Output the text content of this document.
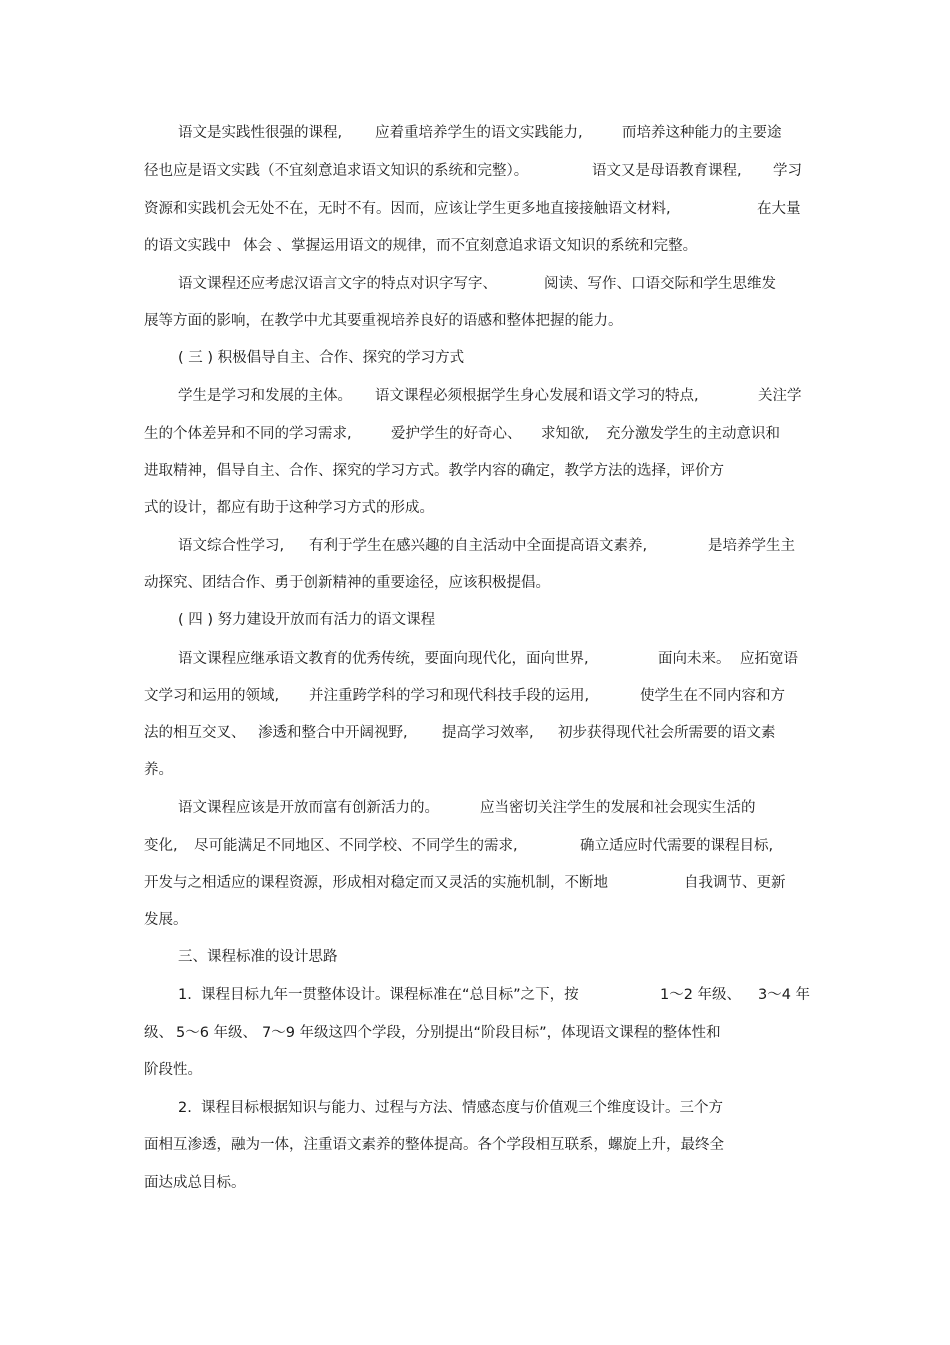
语文是实践性很强的课程,

应着重培养学生的语文实践能力,

	而培养这种能力的主要途

径也应是语文实践（不宜刻意追求语文知识的系统和完整）。

	语文又是母语教育课程,

学习

资源和实践机会无处不在，无时不有。因而，应该让学生更多地直接接触语文材料,

	在大量

的语文实践中

体会 、掌握运用语文的规律，而不宜刻意追求语文知识的系统和完整。

语文课程还应考虑汉语言文字的特点对识字写字、

	阅读、写作、口语交际和学生思维发

展等方面的影响，在教学中尤其要重视培养良好的语感和整体把握的能力。

( 三 ) 积极倡导自主、合作、探究的学习方式

学生是学习和发展的主体。

语文课程必须根据学生身心发展和语文学习的特点,

	关注学

生的个体差异和不同的学习需求,

	爱护学生的好奇心、

求知欲,

充分激发学生的主动意识和

进取精神，倡导自主、合作、探究的学习方式。教学内容的确定，教学方法的选择，评价方

式的设计，都应有助于这种学习方式的形成。

语文综合性学习,

有利于学生在感兴趣的自主活动中全面提高语文素养,

	是培养学生主

动探究、团结合作、勇于创新精神的重要途径，应该积极提倡。

( 四 ) 努力建设开放而有活力的语文课程

语文课程应继承语文教育的优秀传统，要面向现代化，面向世界,

	面向未来。

应拓宽语

文学习和运用的领域,

并注重跨学科的学习和现代科技手段的运用,

	使学生在不同内容和方

法的相互交叉、

渗透和整合中开阔视野,

提高学习效率,

初步获得现代社会所需要的语文素

养。

语文课程应该是开放而富有创新活力的。

	应当密切关注学生的发展和社会现实生活的

变化,

尽可能满足不同地区、不同学校、不同学生的需求,

	确立适应时代需要的课程目标,

开发与之相适应的课程资源，形成相对稳定而又灵活的实施机制，不断地

	自我调节、更新

发展。

三、课程标准的设计思路

1.  课程目标九年一贯整体设计。课程标准在“总目标”之下，按

	1～2 年级、

3～4 年

级、

5～6 年级、

7～9 年级这四个学段，分别提出“阶段目标”，体现语文课程的整体性和

阶段性。

2.  课程目标根据知识与能力、过程与方法、情感态度与价值观三个维度设计。三个方

面相互渗透，融为一体，注重语文素养的整体提高。各个学段相互联系，螺旋上升，最终全

面达成总目标。
